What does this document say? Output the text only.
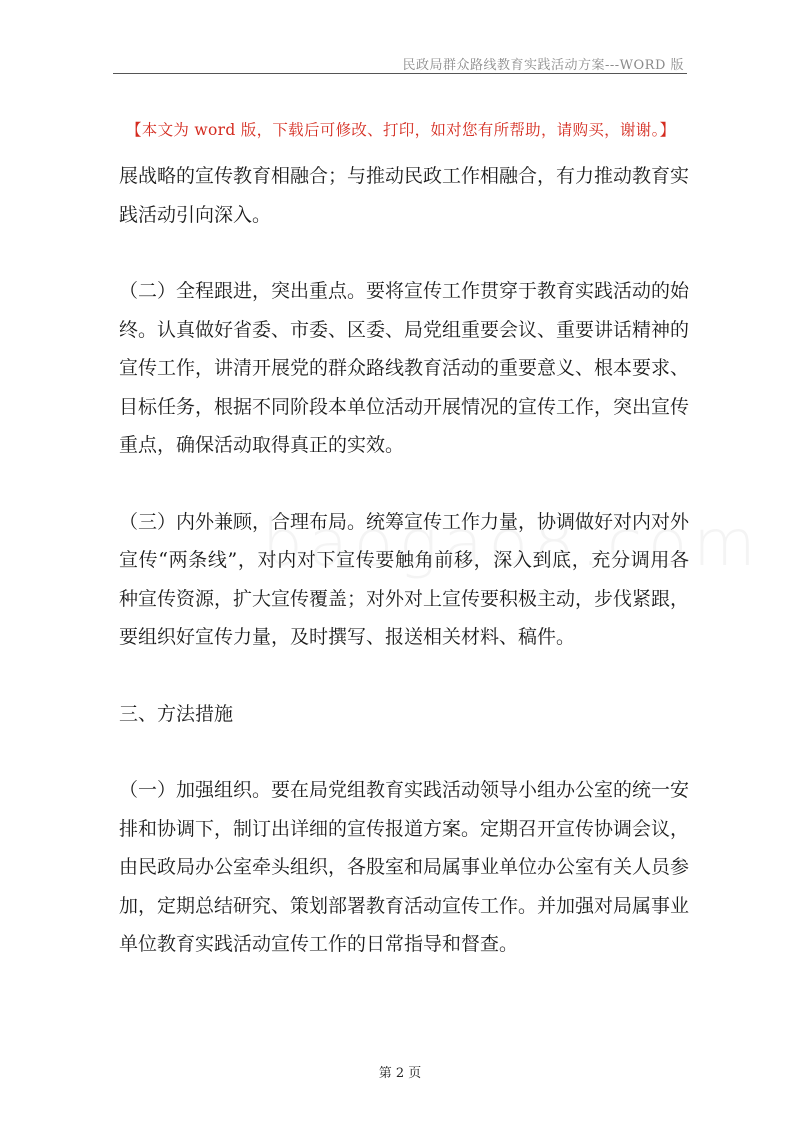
民政局群众路线教育实践活动方案---WORD 版
【本文为 word 版，下载后可修改、打印，如对您有所帮助，请购买，谢谢。】

展战略的宣传教育相融合；与推动民政工作相融合，有力推动教育实践活动引向深入。

（二）全程跟进，突出重点。要将宣传工作贯穿于教育实践活动的始终。认真做好省委、市委、区委、局党组重要会议、重要讲话精神的宣传工作，讲清开展党的群众路线教育活动的重要意义、根本要求、目标任务，根据不同阶段本单位活动开展情况的宣传工作，突出宣传重点，确保活动取得真正的实效。

（三）内外兼顾，合理布局。统筹宣传工作力量，协调做好对内对外宣传“两条线”，对内对下宣传要触角前移，深入到底，充分调用各种宣传资源，扩大宣传覆盖；对外对上宣传要积极主动，步伐紧跟，要组织好宣传力量，及时撰写、报送相关材料、稿件。

三、方法措施

（一）加强组织。要在局党组教育实践活动领导小组办公室的统一安排和协调下，制订出详细的宣传报道方案。定期召开宣传协调会议，由民政局办公室牵头组织，各股室和局属事业单位办公室有关人员参加，定期总结研究、策划部署教育活动宣传工作。并加强对局属事业单位教育实践活动宣传工作的日常指导和督查。

第 2 页
